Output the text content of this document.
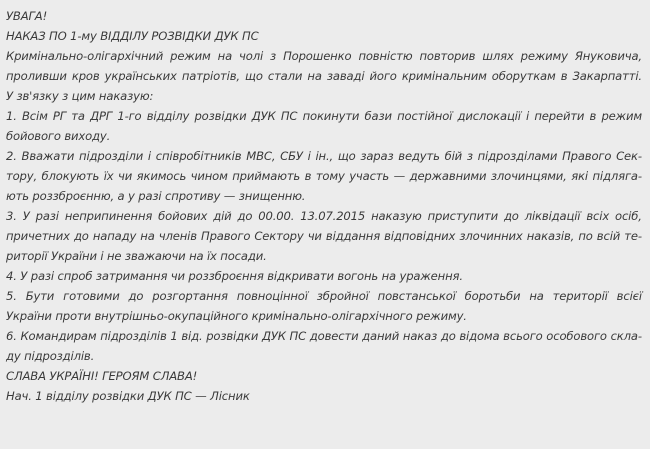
УВАГА!
НАКАЗ ПО 1-му ВІДДІЛУ РОЗВІДКИ ДУК ПС
Кримінально-олігархічний режим на чолі з Порошенко повністю повторив шлях режиму Януковича,
проливши кров українських патріотів, що стали на заваді його кримінальним оборуткам в Закарпатті.
У зв'язку з цим наказую:
1. Всім РГ та ДРГ 1-го відділу розвідки ДУК ПС покинути бази постійної дислокації і перейти в режим
бойового виходу.
2. Вважати підрозділи і співробітників МВС, СБУ і ін., що зараз ведуть бій з підрозділами Правого Сек-
тору, блокують їх чи якимось чином приймають в тому участь — державними злочинцями, які підляга-
ють роззброєнню, а у разі спротиву — знищенню.
3. У разі неприпинення бойових дій до 00.00. 13.07.2015 наказую приступити до ліквідації всіх осіб,
причетних до нападу на членів Правого Сектору чи віддання відповідних злочинних наказів, по всій те-
риторії України і не зважаючи на їх посади.
4. У разі спроб затримання чи роззброєння відкривати вогонь на ураження.
5. Бути готовими до розгортання повноцінної збройної повстанської боротьби на території всієї
України проти внутрішньо-окупаційного кримінально-олігархічного режиму.
6. Командирам підрозділів 1 від. розвідки ДУК ПС довести даний наказ до відома всього особового скла-
ду підрозділів.
СЛАВА УКРАЇНІ! ГЕРОЯМ СЛАВА!
Нач. 1 відділу розвідки ДУК ПС — Лісник
